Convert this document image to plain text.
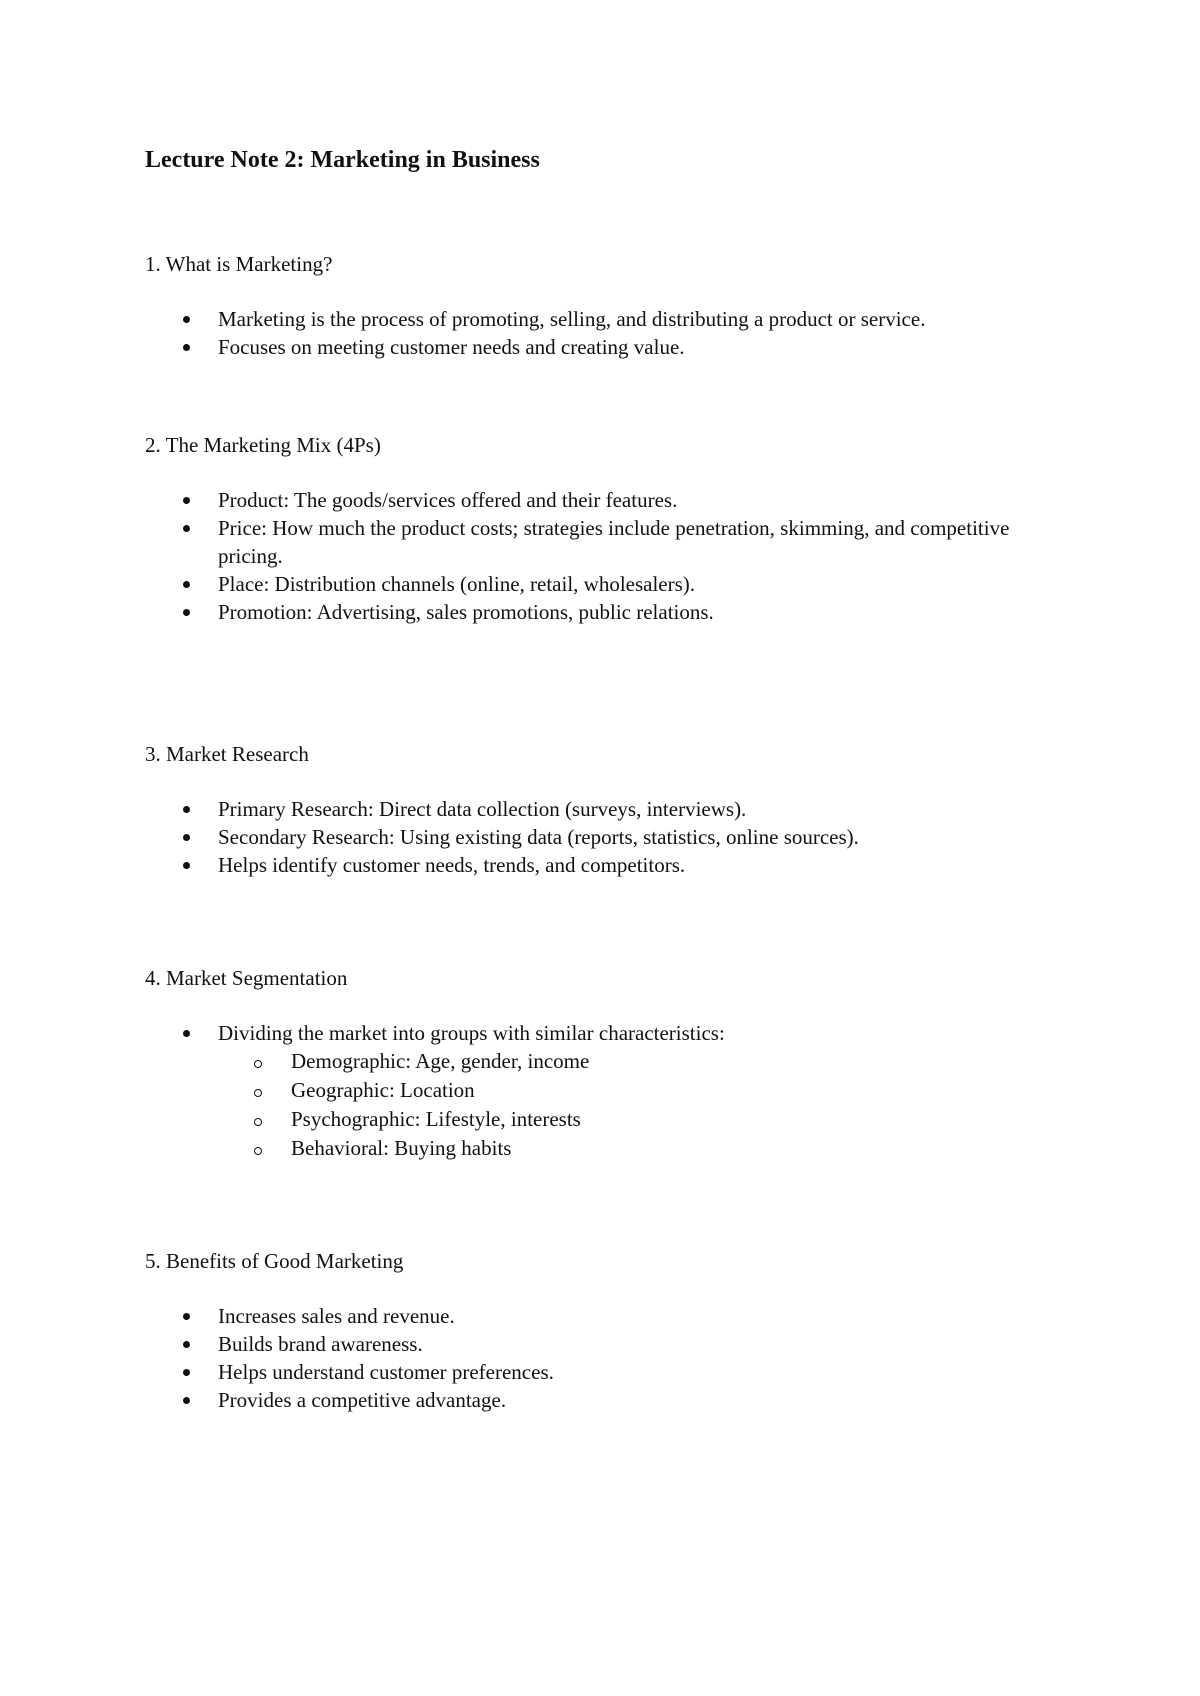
Lecture Note 2: Marketing in Business

1. What is Marketing?

Marketing is the process of promoting, selling, and distributing a product or service.
Focuses on meeting customer needs and creating value.

2. The Marketing Mix (4Ps)

Product: The goods/services offered and their features.
Price: How much the product costs; strategies include penetration, skimming, and competitive pricing.
Place: Distribution channels (online, retail, wholesalers).
Promotion: Advertising, sales promotions, public relations.

3. Market Research

Primary Research: Direct data collection (surveys, interviews).
Secondary Research: Using existing data (reports, statistics, online sources).
Helps identify customer needs, trends, and competitors.

4. Market Segmentation

Dividing the market into groups with similar characteristics:
Demographic: Age, gender, income
Geographic: Location
Psychographic: Lifestyle, interests
Behavioral: Buying habits

5. Benefits of Good Marketing

Increases sales and revenue.
Builds brand awareness.
Helps understand customer preferences.
Provides a competitive advantage.
